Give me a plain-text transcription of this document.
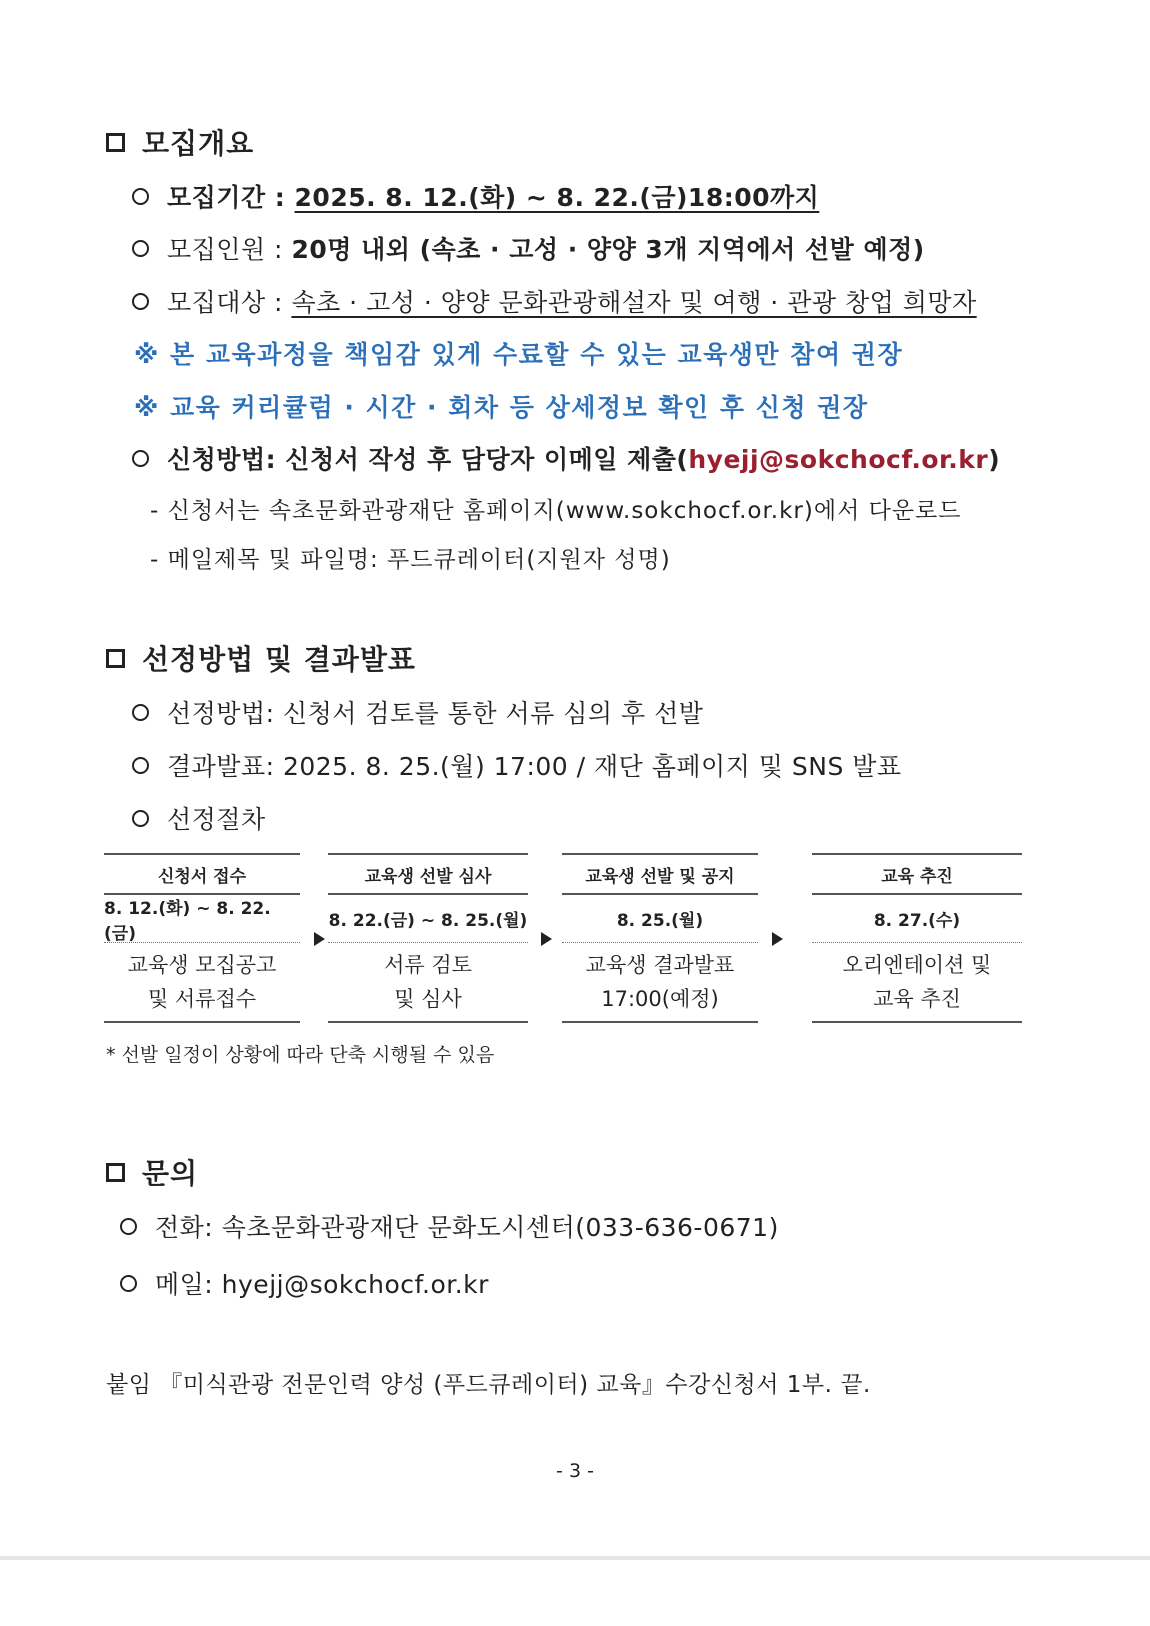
모집개요
모집기간 :
2025. 8. 12.(화) ~ 8. 22.(금)18:00까지
모집인원 :
20명 내외 (속초 · 고성 · 양양 3개 지역에서 선발 예정)
모집대상 :
속초 · 고성 · 양양 문화관광해설자 및 여행 · 관광 창업 희망자
※ 본 교육과정을 책임감 있게 수료할 수 있는 교육생만 참여 권장
※ 교육 커리큘럼 · 시간 · 회차 등 상세정보 확인 후 신청 권장
신청방법: 신청서 작성 후 담당자 이메일 제출 ( hyejj@sokchocf.or.kr )
- 신청서는 속초문화관광재단 홈페이지(www.sokchocf.or.kr)에서 다운로드
- 메일제목 및 파일명: 푸드큐레이터(지원자 성명)
선정방법 및 결과발표
선정방법: 신청서 검토를 통한 서류 심의 후 선발
결과발표: 2025. 8. 25.(월) 17:00 / 재단 홈페이지 및 SNS 발표
선정절차
신청서 접수
8. 12.(화) ~ 8. 22.(금)
교육생 모집공고
및 서류접수
교육생 선발 심사
8. 22.(금) ~ 8. 25.(월)
서류 검토
및 심사
교육생 선발 및 공지
8. 25.(월)
교육생 결과발표
17:00(예정)
교육 추진
8. 27.(수)
오리엔테이션 및
교육 추진
* 선발 일정이 상황에 따라 단축 시행될 수 있음
문의
전화: 속초문화관광재단 문화도시센터(033-636-0671)
메일: hyejj@sokchocf.or.kr
붙임 『미식관광 전문인력 양성 (푸드큐레이터) 교육』수강신청서 1부. 끝.
- 3 -
